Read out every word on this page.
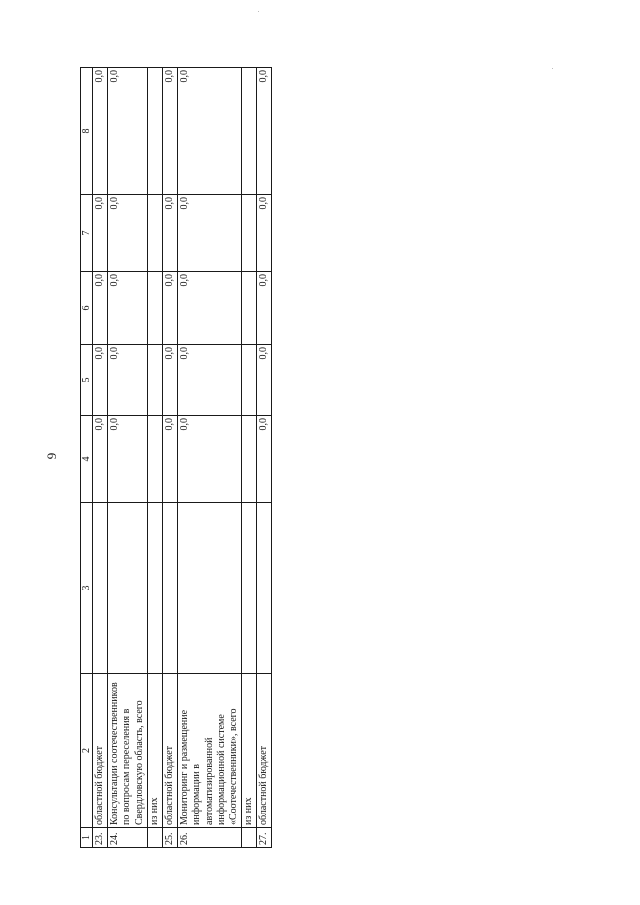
9
1	2	3	4	5	6	7	8
23.	областной бюджет		0,0	0,0	0,0	0,0	0,0
24.	Консультации соотечественников по вопросам переселения в Свердловскую область, всего		0,0	0,0	0,0	0,0	0,0
	из них						
25.	областной бюджет		0,0	0,0	0,0	0,0	0,0
26.	Мониторинг и размещение информации в автоматизированной информационной системе «Соотечественники», всего		0,0	0,0	0,0	0,0	0,0
	из них						
27.	областной бюджет		0,0	0,0	0,0	0,0	0,0
